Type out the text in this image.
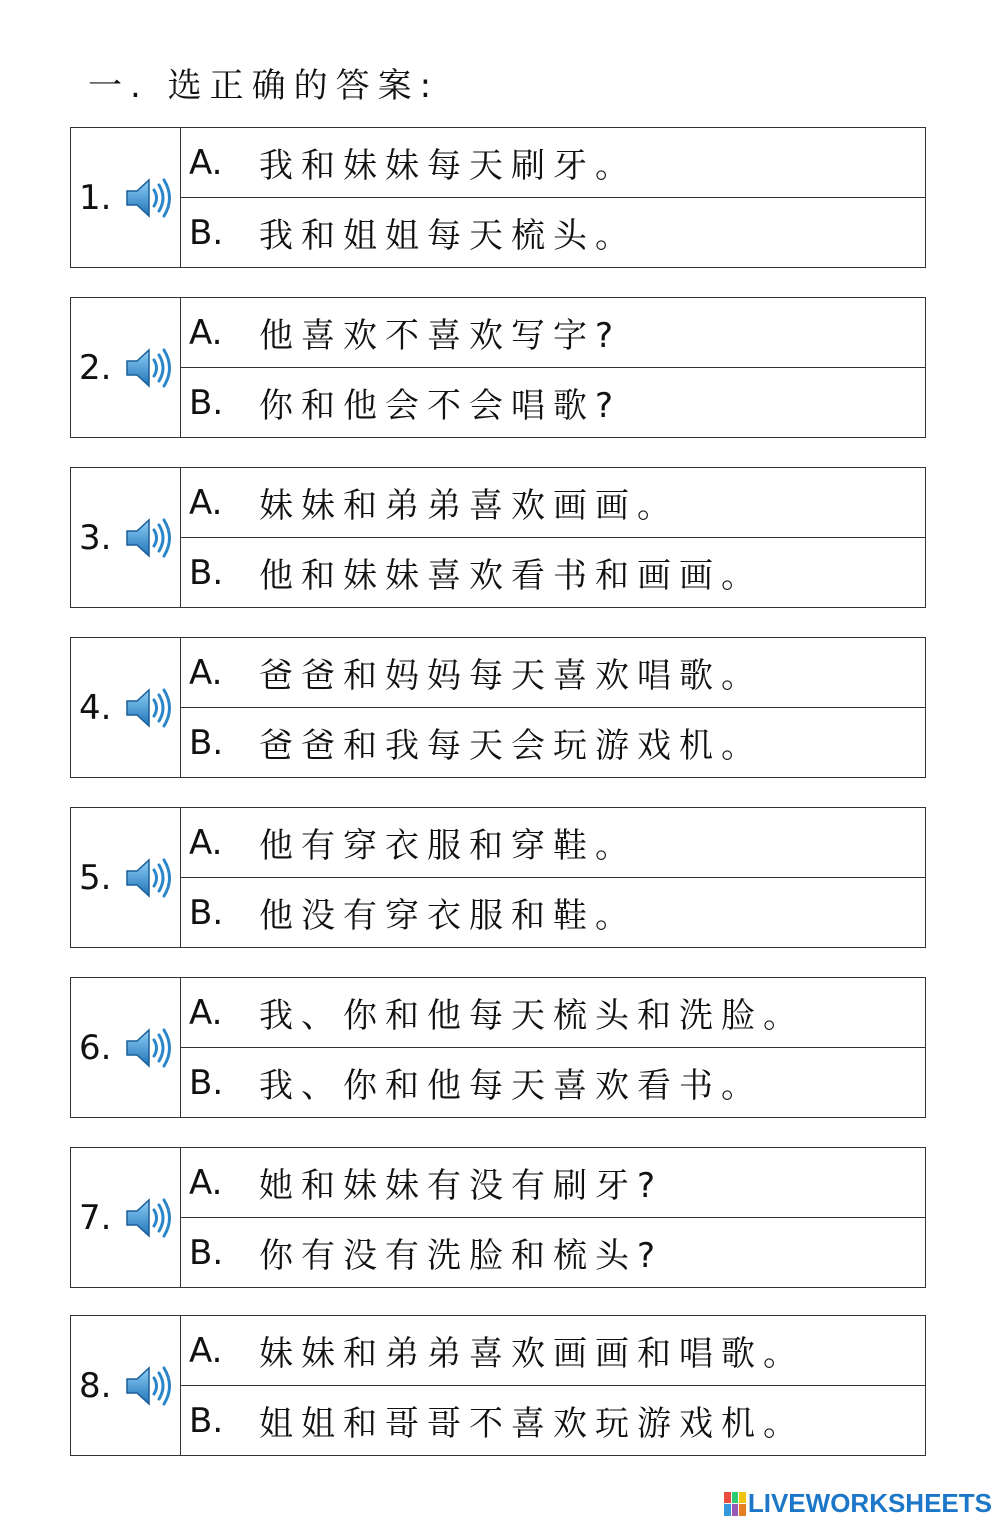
一. 选正确的答案:
1.
A.	我和妹妹每天刷牙。
B.	我和姐姐每天梳头。
2.
A.	他喜欢不喜欢写字?
B.	你和他会不会唱歌?
3.
A.	妹妹和弟弟喜欢画画。
B.	他和妹妹喜欢看书和画画。
4.
A.	爸爸和妈妈每天喜欢唱歌。
B.	爸爸和我每天会玩游戏机。
5.
A.	他有穿衣服和穿鞋。
B.	他没有穿衣服和鞋。
6.
A.	我、你和他每天梳头和洗脸。
B.	我、你和他每天喜欢看书。
7.
A.	她和妹妹有没有刷牙?
B.	你有没有洗脸和梳头?
8.
A.	妹妹和弟弟喜欢画画和唱歌。
B.	姐姐和哥哥不喜欢玩游戏机。
LIVEWORKSHEETS
